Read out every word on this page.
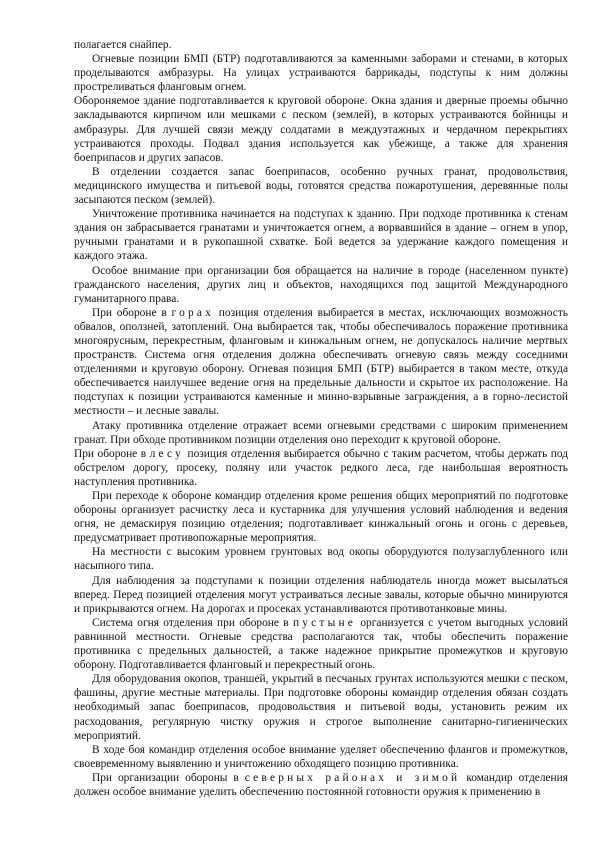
полагается снайпер.

Огневые позиции БМП (БТР) подготавливаются за каменными заборами и стенами, в которых проделываются амбразуры. На улицах устраиваются баррикады, подступы к ним должны простреливаться фланговым огнем.

Обороняемое здание подготавливается к круговой обороне. Окна здания и дверные проемы обычно закладываются кирпичом или мешками с песком (землей), в которых устраиваются бойницы и амбразуры. Для лучшей связи между солдатами в междуэтажных и чердачном перекрытиях устраиваются проходы. Подвал здания используется как убежище, а также для хранения боеприпасов и других запасов.

В отделении создается запас боеприпасов, особенно ручных гранат, продовольствия, медицинского имущества и питьевой воды, готовятся средства пожаротушения, деревянные полы засыпаются песком (землей).

Уничтожение противника начинается на подступах к зданию. При подходе противника к стенам здания он забрасывается гранатами и уничтожается огнем, а ворвавшийся в здание – огнем в упор, ручными гранатами и в рукопашной схватке. Бой ведется за удержание каждого помещения и каждого этажа.

Особое внимание при организации боя обращается на наличие в городе (населенном пункте) гражданского населения, других лиц и объектов, находящихся под защитой Международного гуманитарного права.

При обороне в горах позиция отделения выбирается в местах, исключающих возможность обвалов, оползней, затоплений. Она выбирается так, чтобы обеспечивалось поражение противника многоярусным, перекрестным, фланговым и кинжальным огнем, не допускалось наличие мертвых пространств. Система огня отделения должна обеспечивать огневую связь между соседними отделениями и круговую оборону. Огневая позиция БМП (БТР) выбирается в таком месте, откуда обеспечивается наилучшее ведение огня на предельные дальности и скрытое их расположение. На подступах к позиции устраиваются каменные и минно-взрывные заграждения, а в горно-лесистой местности – и лесные завалы.

Атаку противника отделение отражает всеми огневыми средствами с широким применением гранат. При обходе противником позиции отделения оно переходит к круговой обороне.

При обороне в лесу позиция отделения выбирается обычно с таким расчетом, чтобы держать под обстрелом дорогу, просеку, поляну или участок редкого леса, где наибольшая вероятность наступления противника.

При переходе к обороне командир отделения кроме решения общих мероприятий по подготовке обороны организует расчистку леса и кустарника для улучшения условий наблюдения и ведения огня, не демаскируя позицию отделения; подготавливает кинжальный огонь и огонь с деревьев, предусматривает противопожарные мероприятия.

На местности с высоким уровнем грунтовых вод окопы оборудуются полузаглубленного или насыпного типа.

Для наблюдения за подступами к позиции отделения наблюдатель иногда может высылаться вперед. Перед позицией отделения могут устраиваться лесные завалы, которые обычно минируются и прикрываются огнем. На дорогах и просеках устанавливаются противотанковые мины.

Система огня отделения при обороне в пустыне организуется с учетом выгодных условий равнинной местности. Огневые средства располагаются так, чтобы обеспечить поражение противника с предельных дальностей, а также надежное прикрытие промежутков и круговую оборону. Подготавливается фланговый и перекрестный огонь.

Для оборудования окопов, траншей, укрытий в песчаных грунтах используются мешки с песком, фашины, другие местные материалы. При подготовке обороны командир отделения обязан создать необходимый запас боеприпасов, продовольствия и питьевой воды, установить режим их расходования, регулярную чистку оружия и строгое выполнение санитарно-гигиенических мероприятий.

В ходе боя командир отделения особое внимание уделяет обеспечению флангов и промежутков, своевременному выявлению и уничтожению обходящего позицию противника.

При организации обороны в северных районах и зимой командир отделения должен особое внимание уделить обеспечению постоянной готовности оружия к применению в
